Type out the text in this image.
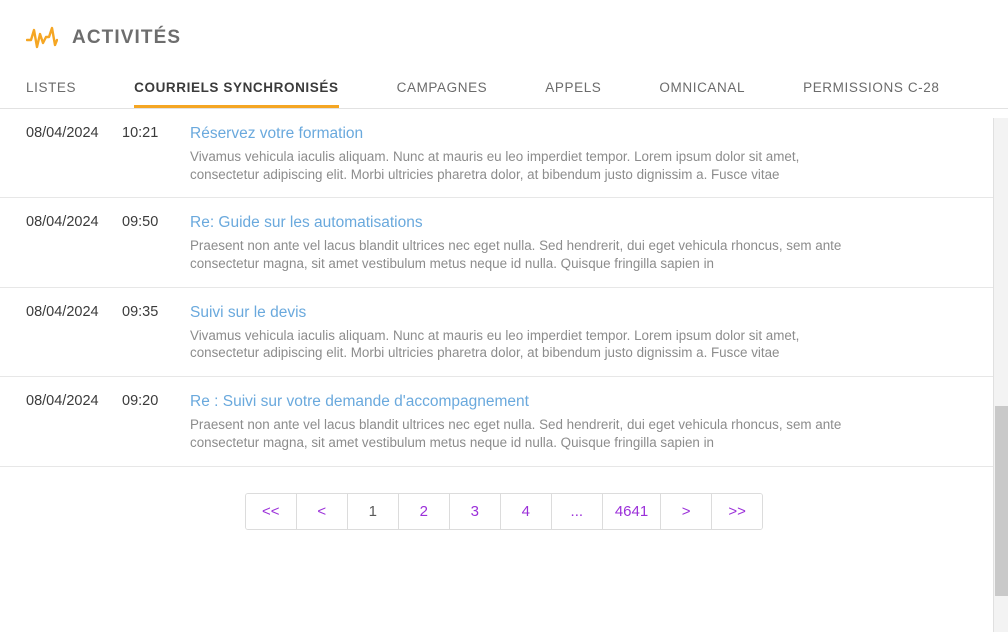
ACTIVITÉS
LISTES	COURRIELS SYNCHRONISÉS	CAMPAGNES	APPELS	OMNICANAL	PERMISSIONS C-28
08/04/2024	10:21	Réservez votre formation
Vivamus vehicula iaculis aliquam. Nunc at mauris eu leo imperdiet tempor. Lorem ipsum dolor sit amet, consectetur adipiscing elit. Morbi ultricies pharetra dolor, at bibendum justo dignissim a. Fusce vitae
08/04/2024	09:50	Re: Guide sur les automatisations
Praesent non ante vel lacus blandit ultrices nec eget nulla. Sed hendrerit, dui eget vehicula rhoncus, sem ante consectetur magna, sit amet vestibulum metus neque id nulla. Quisque fringilla sapien in
08/04/2024	09:35	Suivi sur le devis
Vivamus vehicula iaculis aliquam. Nunc at mauris eu leo imperdiet tempor. Lorem ipsum dolor sit amet, consectetur adipiscing elit. Morbi ultricies pharetra dolor, at bibendum justo dignissim a. Fusce vitae
08/04/2024	09:20	Re : Suivi sur votre demande d'accompagnement
Praesent non ante vel lacus blandit ultrices nec eget nulla. Sed hendrerit, dui eget vehicula rhoncus, sem ante consectetur magna, sit amet vestibulum metus neque id nulla. Quisque fringilla sapien in
<<	<	1	2	3	4	...	4641	>	>>
